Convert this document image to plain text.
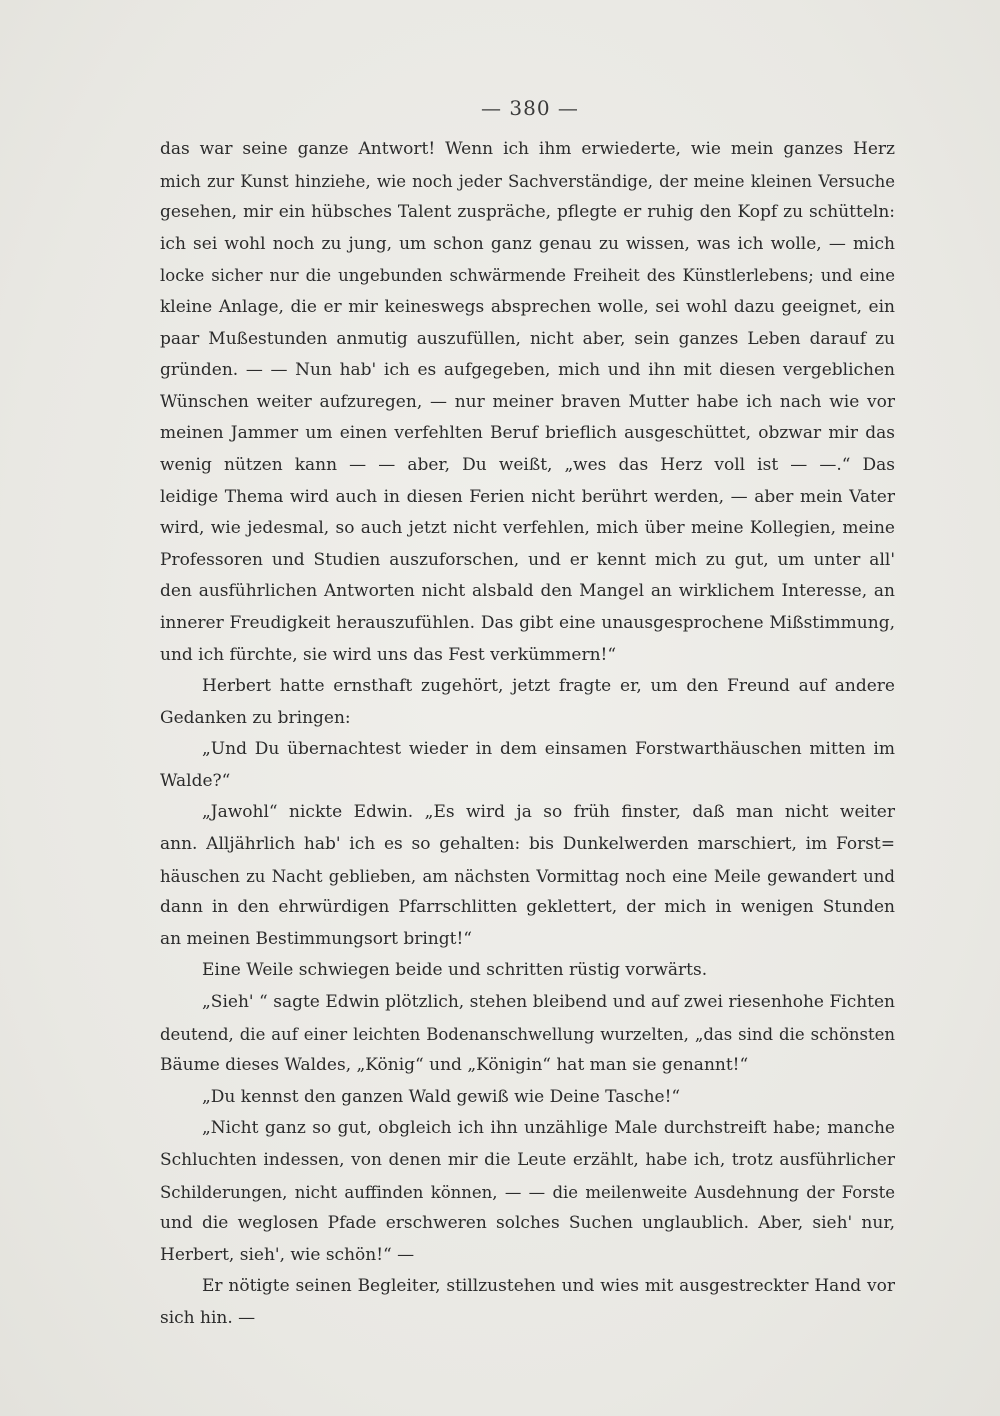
— 380 —
das war seine ganze Antwort! Wenn ich ihm erwiederte, wie mein ganzes Herz
mich zur Kunst hinziehe, wie noch jeder Sachverständige, der meine kleinen Versuche
gesehen, mir ein hübsches Talent zuspräche, pflegte er ruhig den Kopf zu schütteln:
ich sei wohl noch zu jung, um schon ganz genau zu wissen, was ich wolle, — mich
locke sicher nur die ungebunden schwärmende Freiheit des Künstlerlebens; und eine
kleine Anlage, die er mir keineswegs absprechen wolle, sei wohl dazu geeignet, ein
paar Mußestunden anmutig auszufüllen, nicht aber, sein ganzes Leben darauf zu
gründen. — — Nun hab' ich es aufgegeben, mich und ihn mit diesen vergeblichen
Wünschen weiter aufzuregen, — nur meiner braven Mutter habe ich nach wie vor
meinen Jammer um einen verfehlten Beruf brieflich ausgeschüttet, obzwar mir das
wenig nützen kann — — aber, Du weißt, „wes das Herz voll ist — —.“ Das
leidige Thema wird auch in diesen Ferien nicht berührt werden, — aber mein Vater
wird, wie jedesmal, so auch jetzt nicht verfehlen, mich über meine Kollegien, meine
Professoren und Studien auszuforschen, und er kennt mich zu gut, um unter all'
den ausführlichen Antworten nicht alsbald den Mangel an wirklichem Interesse, an
innerer Freudigkeit herauszufühlen. Das gibt eine unausgesprochene Mißstimmung,
und ich fürchte, sie wird uns das Fest verkümmern!“
Herbert hatte ernsthaft zugehört, jetzt fragte er, um den Freund auf andere
Gedanken zu bringen:
„Und Du übernachtest wieder in dem einsamen Forstwarthäuschen mitten im
Walde?“
„Jawohl“ nickte Edwin. „Es wird ja so früh finster, daß man nicht weiter
ann. Alljährlich hab' ich es so gehalten: bis Dunkelwerden marschiert, im Forst=
häuschen zu Nacht geblieben, am nächsten Vormittag noch eine Meile gewandert und
dann in den ehrwürdigen Pfarrschlitten geklettert, der mich in wenigen Stunden
an meinen Bestimmungsort bringt!“
Eine Weile schwiegen beide und schritten rüstig vorwärts.
„Sieh' “ sagte Edwin plötzlich, stehen bleibend und auf zwei riesenhohe Fichten
deutend, die auf einer leichten Bodenanschwellung wurzelten, „das sind die schönsten
Bäume dieses Waldes, „König“ und „Königin“ hat man sie genannt!“
„Du kennst den ganzen Wald gewiß wie Deine Tasche!“
„Nicht ganz so gut, obgleich ich ihn unzählige Male durchstreift habe; manche
Schluchten indessen, von denen mir die Leute erzählt, habe ich, trotz ausführlicher
Schilderungen, nicht auffinden können, — — die meilenweite Ausdehnung der Forste
und die weglosen Pfade erschweren solches Suchen unglaublich. Aber, sieh' nur,
Herbert, sieh', wie schön!“ —
Er nötigte seinen Begleiter, stillzustehen und wies mit ausgestreckter Hand vor
sich hin. —
